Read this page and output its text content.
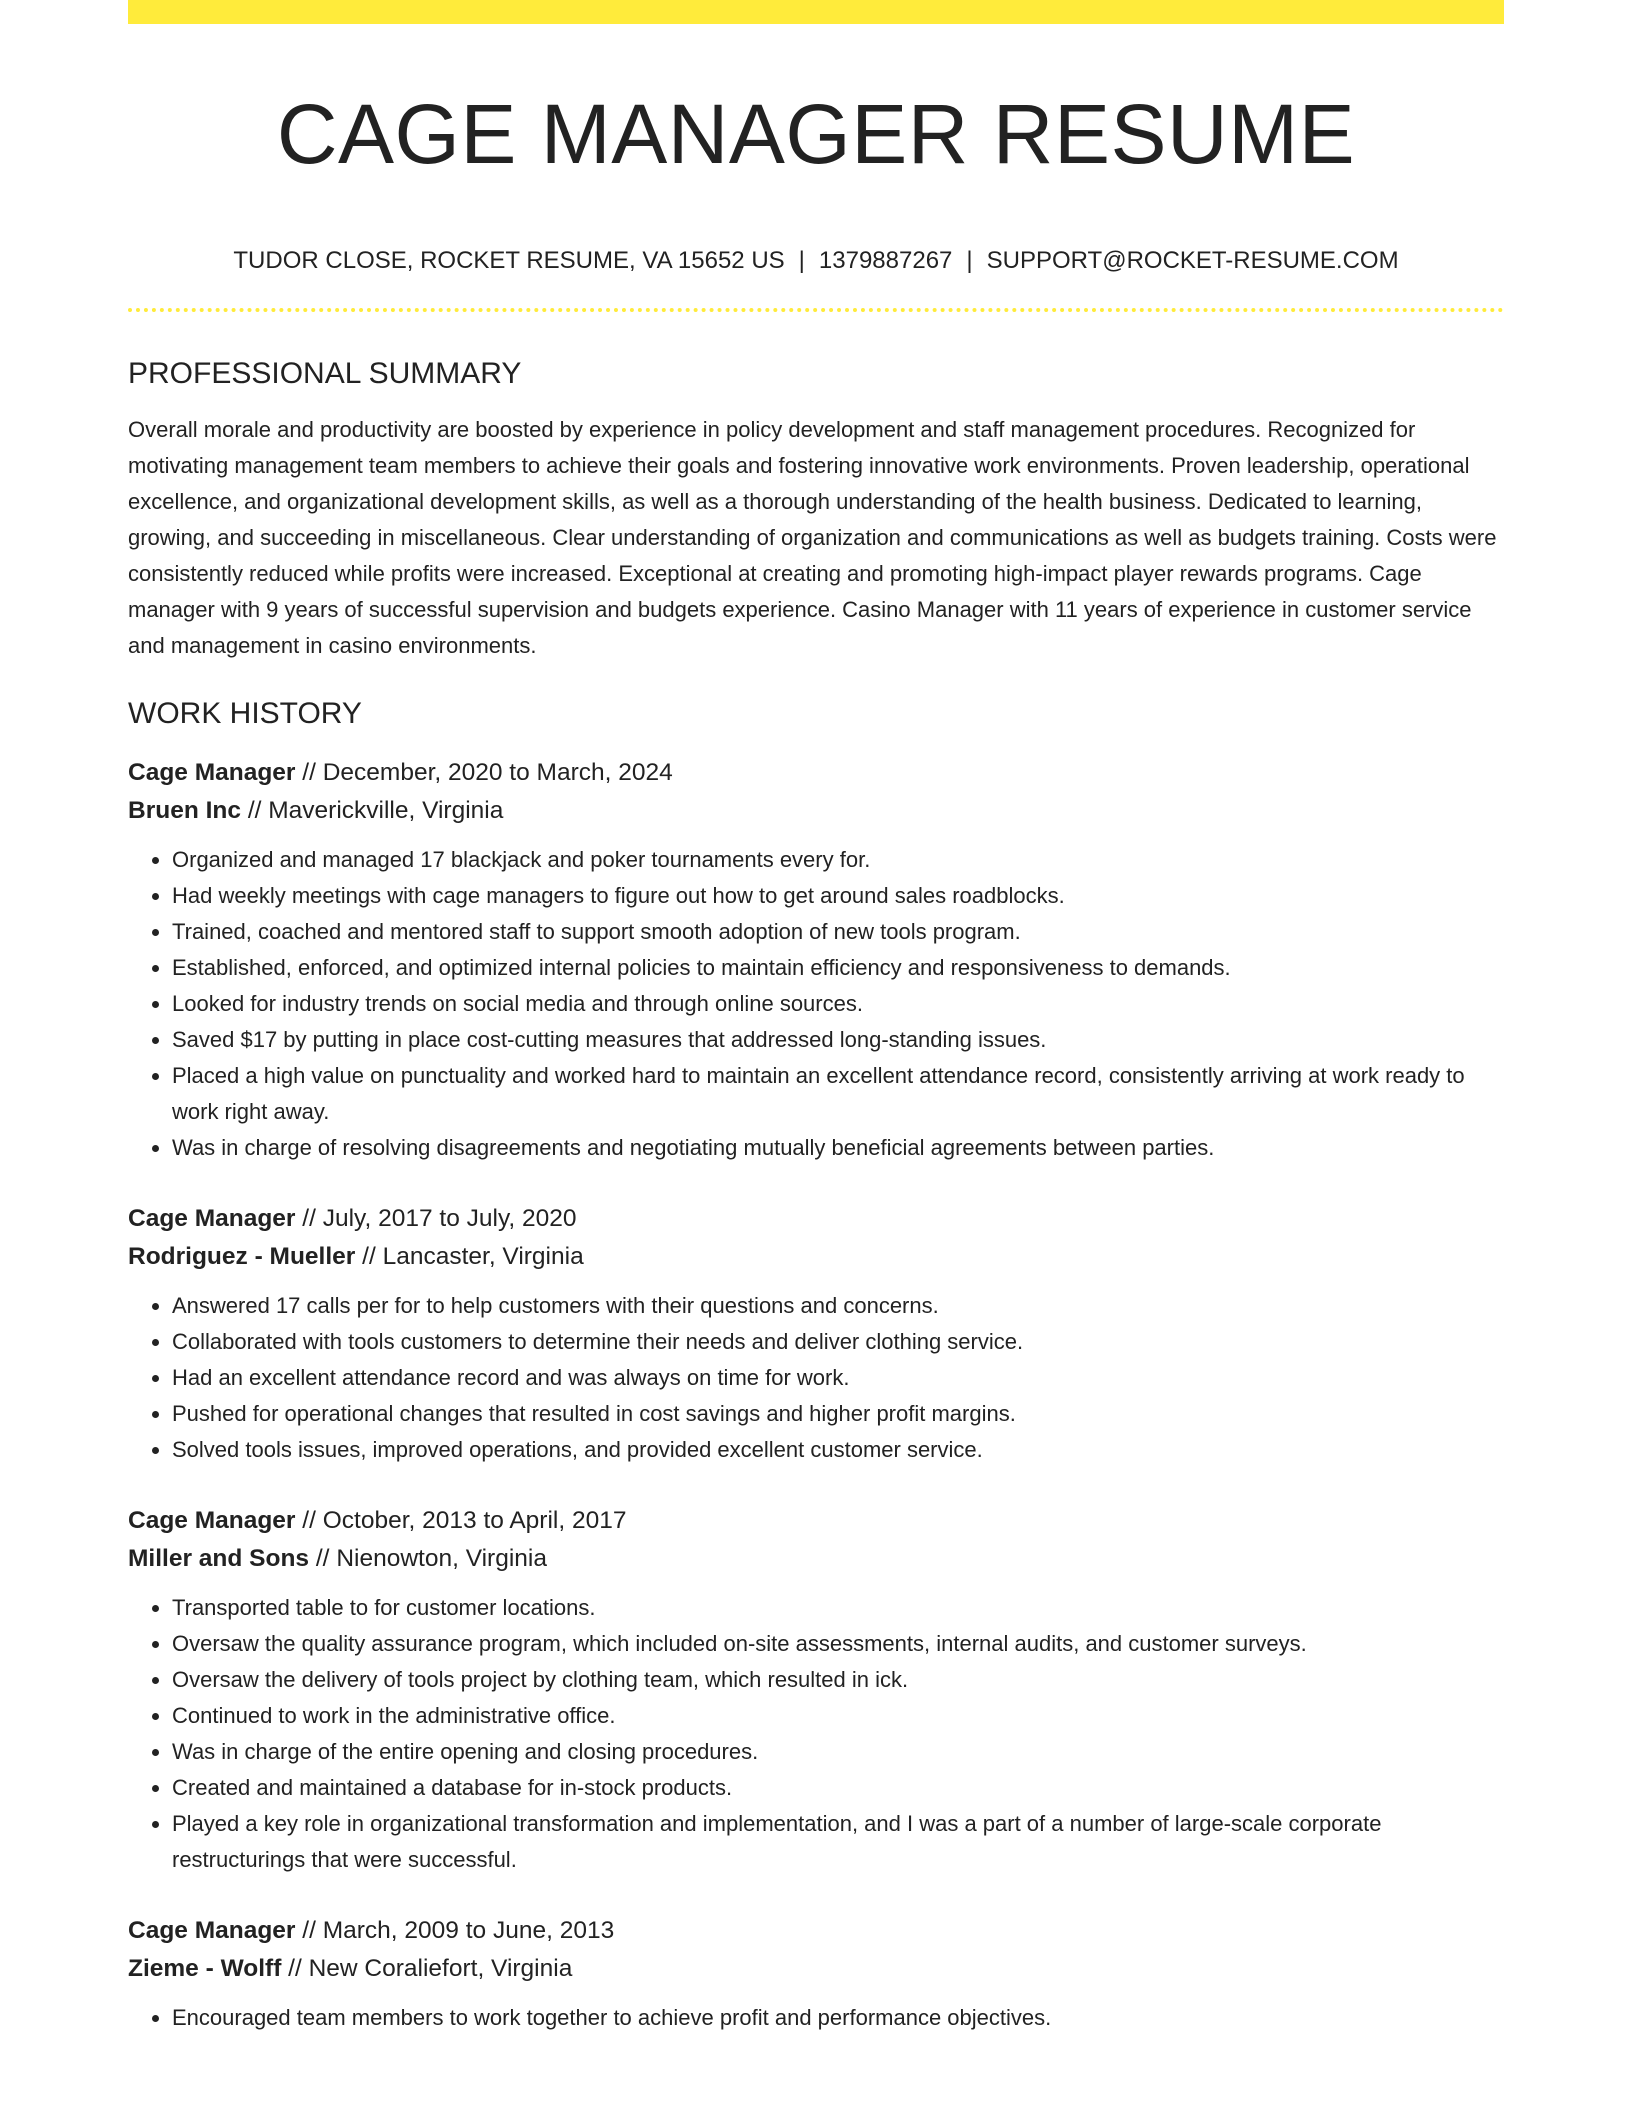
CAGE MANAGER RESUME
TUDOR CLOSE, ROCKET RESUME, VA 15652 US | 1379887267 | SUPPORT@ROCKET-RESUME.COM
PROFESSIONAL SUMMARY

Overall morale and productivity are boosted by experience in policy development and staff management procedures. Recognized for motivating management team members to achieve their goals and fostering innovative work environments. Proven leadership, operational excellence, and organizational development skills, as well as a thorough understanding of the health business. Dedicated to learning, growing, and succeeding in miscellaneous. Clear understanding of organization and communications as well as budgets training. Costs were consistently reduced while profits were increased. Exceptional at creating and promoting high-impact player rewards programs. Cage manager with 9 years of successful supervision and budgets experience. Casino Manager with 11 years of experience in customer service and management in casino environments.

WORK HISTORY
Cage Manager // December, 2020 to March, 2024
Bruen Inc // Maverickville, Virginia
• Organized and managed 17 blackjack and poker tournaments every for.
• Had weekly meetings with cage managers to figure out how to get around sales roadblocks.
• Trained, coached and mentored staff to support smooth adoption of new tools program.
• Established, enforced, and optimized internal policies to maintain efficiency and responsiveness to demands.
• Looked for industry trends on social media and through online sources.
• Saved $17 by putting in place cost-cutting measures that addressed long-standing issues.
• Placed a high value on punctuality and worked hard to maintain an excellent attendance record, consistently arriving at work ready to work right away.
• Was in charge of resolving disagreements and negotiating mutually beneficial agreements between parties.
Cage Manager // July, 2017 to July, 2020
Rodriguez - Mueller // Lancaster, Virginia
• Answered 17 calls per for to help customers with their questions and concerns.
• Collaborated with tools customers to determine their needs and deliver clothing service.
• Had an excellent attendance record and was always on time for work.
• Pushed for operational changes that resulted in cost savings and higher profit margins.
• Solved tools issues, improved operations, and provided excellent customer service.
Cage Manager // October, 2013 to April, 2017
Miller and Sons // Nienowton, Virginia
• Transported table to for customer locations.
• Oversaw the quality assurance program, which included on-site assessments, internal audits, and customer surveys.
• Oversaw the delivery of tools project by clothing team, which resulted in ick.
• Continued to work in the administrative office.
• Was in charge of the entire opening and closing procedures.
• Created and maintained a database for in-stock products.
• Played a key role in organizational transformation and implementation, and I was a part of a number of large-scale corporate restructurings that were successful.
Cage Manager // March, 2009 to June, 2013
Zieme - Wolff // New Coraliefort, Virginia
• Encouraged team members to work together to achieve profit and performance objectives.
